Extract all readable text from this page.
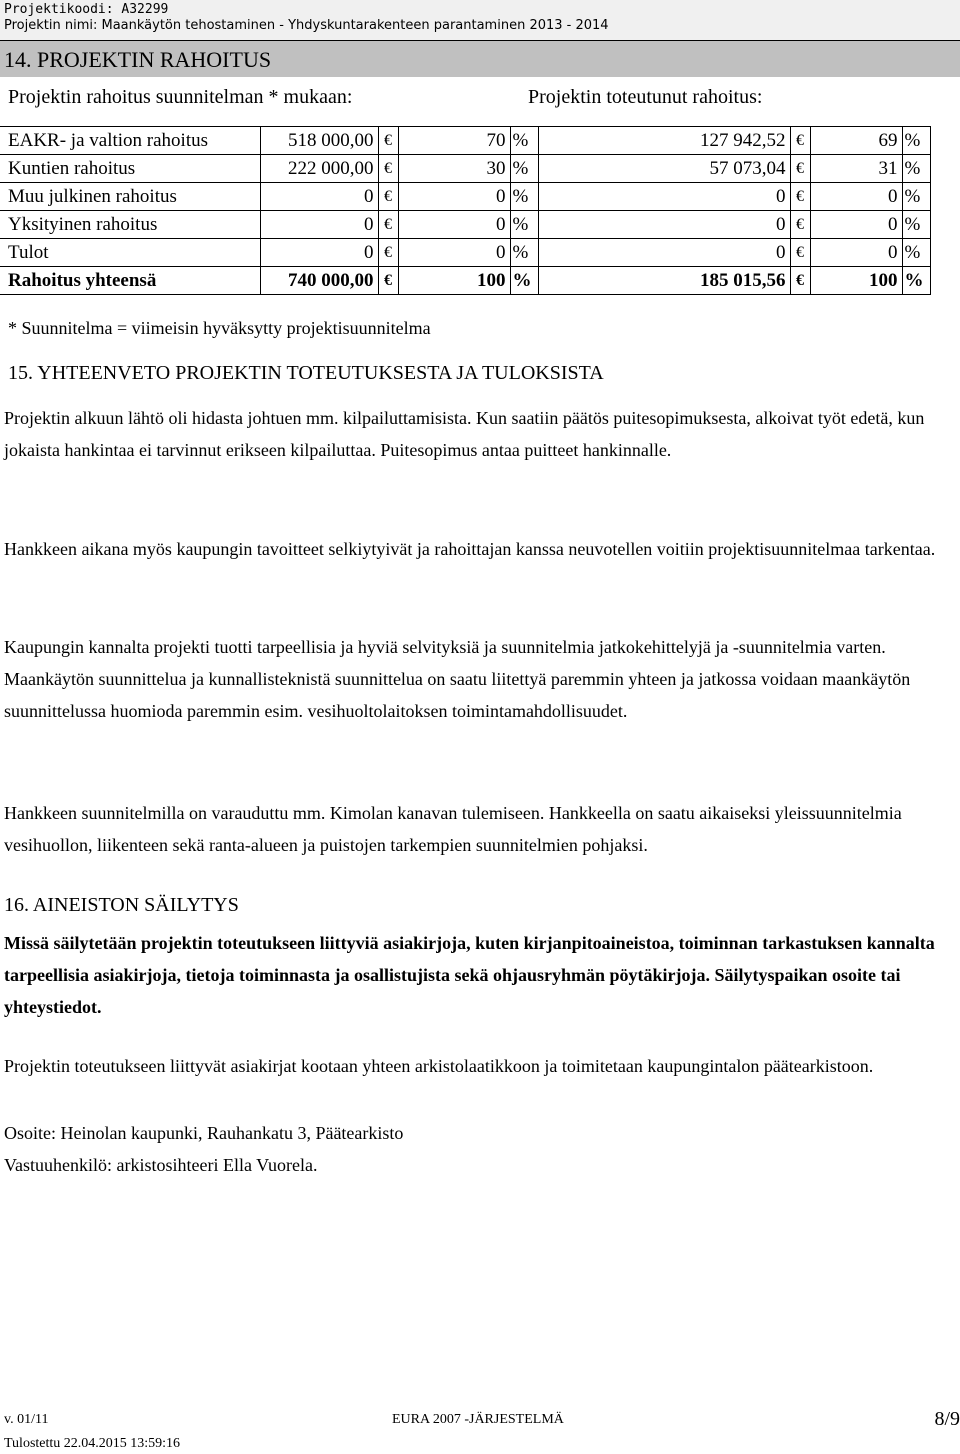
Projektikoodi: A32299
Projektin nimi: Maankäytön tehostaminen - Yhdyskuntarakenteen parantaminen 2013 - 2014
14. PROJEKTIN RAHOITUS
Projektin rahoitus suunnitelman * mukaan:	Projektin toteutunut rahoitus:
EAKR- ja valtion rahoitus	518 000,00	€	70	%	127 942,52	€	69	%
Kuntien rahoitus	222 000,00	€	30	%	57 073,04	€	31	%
Muu julkinen rahoitus	0	€	0	%	0	€	0	%
Yksityinen rahoitus	0	€	0	%	0	€	0	%
Tulot	0	€	0	%	0	€	0	%
Rahoitus yhteensä	740 000,00	€	100	%	185 015,56	€	100	%
* Suunnitelma = viimeisin hyväksytty projektisuunnitelma
15. YHTEENVETO PROJEKTIN TOTEUTUKSESTA JA TULOKSISTA
Projektin alkuun lähtö oli hidasta johtuen mm. kilpailuttamisista. Kun saatiin päätös puitesopimuksesta, alkoivat työt edetä, kun jokaista hankintaa ei tarvinnut erikseen kilpailuttaa. Puitesopimus antaa puitteet hankinnalle.
Hankkeen aikana myös kaupungin tavoitteet selkiytyivät ja rahoittajan kanssa neuvotellen voitiin projektisuunnitelmaa tarkentaa.
Kaupungin kannalta projekti tuotti tarpeellisia ja hyviä selvityksiä ja suunnitelmia jatkokehittelyjä ja -suunnitelmia varten. Maankäytön suunnittelua ja kunnallisteknistä suunnittelua on saatu liitettyä paremmin yhteen ja jatkossa voidaan maankäytön suunnittelussa huomioda paremmin esim. vesihuoltolaitoksen toimintamahdollisuudet.
Hankkeen suunnitelmilla on varauduttu mm. Kimolan kanavan tulemiseen. Hankkeella on saatu aikaiseksi yleissuunnitelmia vesihuollon, liikenteen sekä ranta-alueen ja puistojen tarkempien suunnitelmien pohjaksi.
16. AINEISTON SÄILYTYS
Missä säilytetään projektin toteutukseen liittyviä asiakirjoja, kuten kirjanpitoaineistoa, toiminnan tarkastuksen kannalta tarpeellisia asiakirjoja, tietoja toiminnasta ja osallistujista sekä ohjausryhmän pöytäkirjoja. Säilytyspaikan osoite tai yhteystiedot.
Projektin toteutukseen liittyvät asiakirjat kootaan yhteen arkistolaatikkoon ja toimitetaan kaupungintalon päätearkistoon.
Osoite: Heinolan kaupunki, Rauhankatu 3, Päätearkisto
Vastuuhenkilö: arkistosihteeri Ella Vuorela.
v. 01/11	EURA 2007 -JÄRJESTELMÄ	8/9
Tulostettu 22.04.2015 13:59:16
